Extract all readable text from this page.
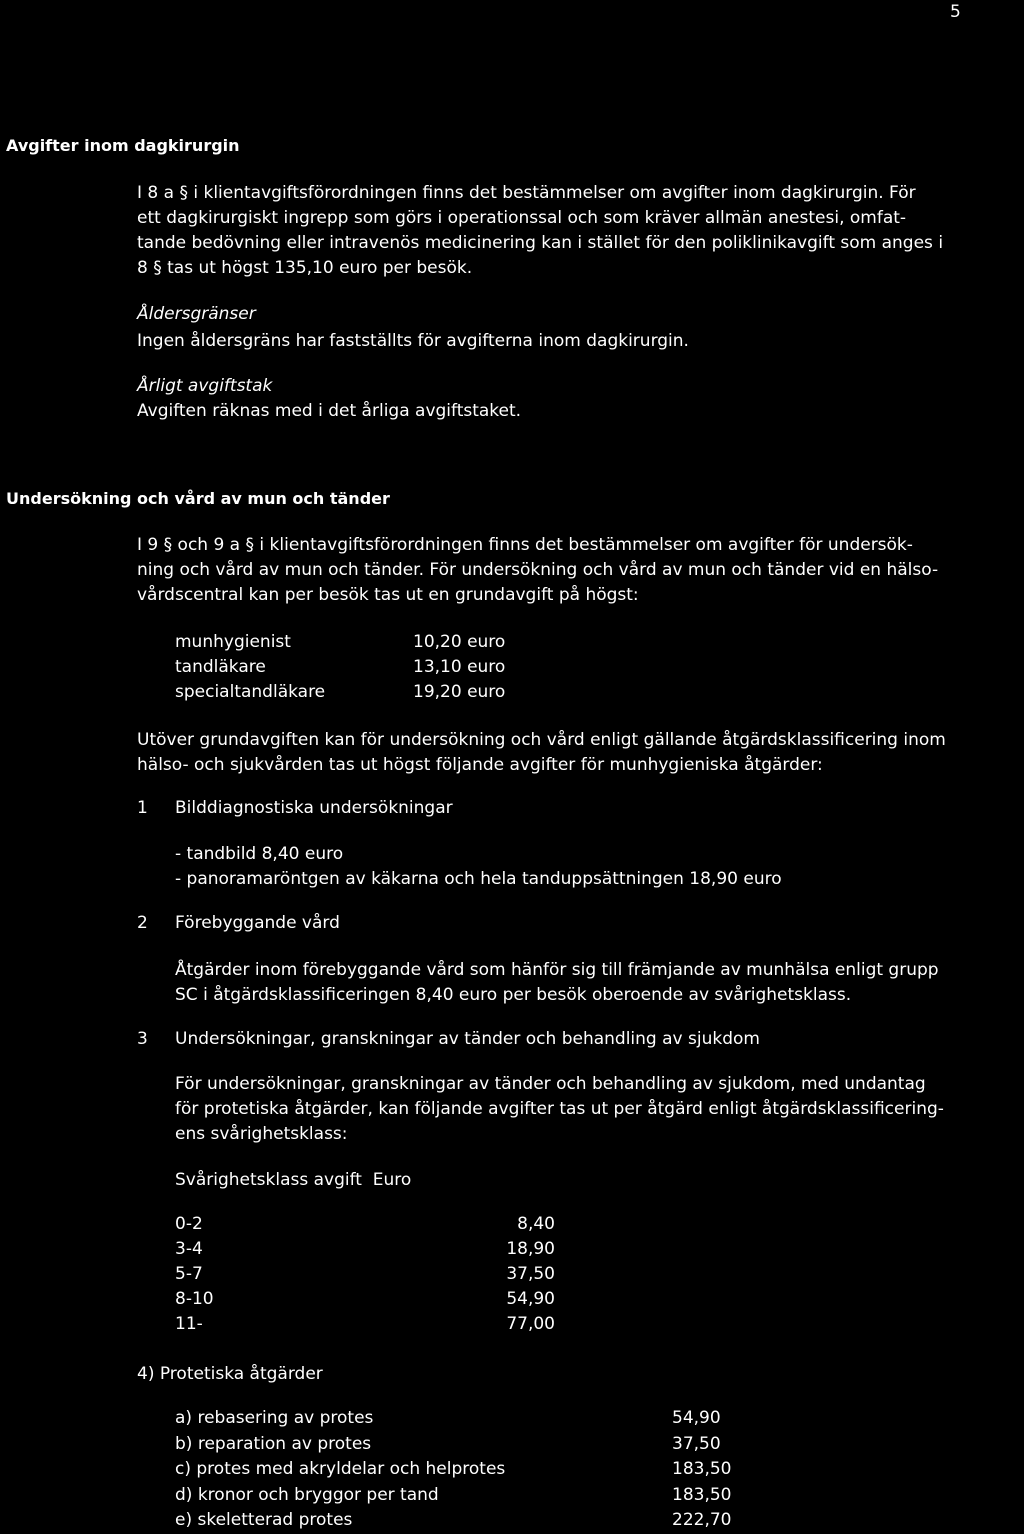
5
Avgifter inom dagkirurgin
I 8 a § i klientavgiftsförordningen finns det bestämmelser om avgifter inom dagkirurgin. För
ett dagkirurgiskt ingrepp som görs i operationssal och som kräver allmän anestesi, omfat-
tande bedövning eller intravenös medicinering kan i stället för den poliklinikavgift som anges i
8 § tas ut högst 135,10 euro per besök.
Åldersgränser
Ingen åldersgräns har fastställts för avgifterna inom dagkirurgin.
Årligt avgiftstak
Avgiften räknas med i det årliga avgiftstaket.
Undersökning och vård av mun och tänder
I 9 § och 9 a § i klientavgiftsförordningen finns det bestämmelser om avgifter för undersök-
ning och vård av mun och tänder. För undersökning och vård av mun och tänder vid en hälso-
vårdscentral kan per besök tas ut en grundavgift på högst:
munhygienist	10,20 euro
tandläkare	13,10 euro
specialtandläkare	19,20 euro
Utöver grundavgiften kan för undersökning och vård enligt gällande åtgärdsklassificering inom
hälso- och sjukvården tas ut högst följande avgifter för munhygieniska åtgärder:
1 Bilddiagnostiska undersökningar
- tandbild 8,40 euro
- panoramaröntgen av käkarna och hela tanduppsättningen 18,90 euro
2 Förebyggande vård
Åtgärder inom förebyggande vård som hänför sig till främjande av munhälsa enligt grupp
SC i åtgärdsklassificeringen 8,40 euro per besök oberoende av svårighetsklass.
3 Undersökningar, granskningar av tänder och behandling av sjukdom
För undersökningar, granskningar av tänder och behandling av sjukdom, med undantag
för protetiska åtgärder, kan följande avgifter tas ut per åtgärd enligt åtgärdsklassificering-
ens svårighetsklass:
Svårighetsklass avgift  Euro
0-2	8,40
3-4	18,90
5-7	37,50
8-10	54,90
11-	77,00
4) Protetiska åtgärder
a) rebasering av protes	54,90
b) reparation av protes	37,50
c) protes med akryldelar och helprotes	183,50
d) kronor och bryggor per tand	183,50
e) skeletterad protes	222,70
